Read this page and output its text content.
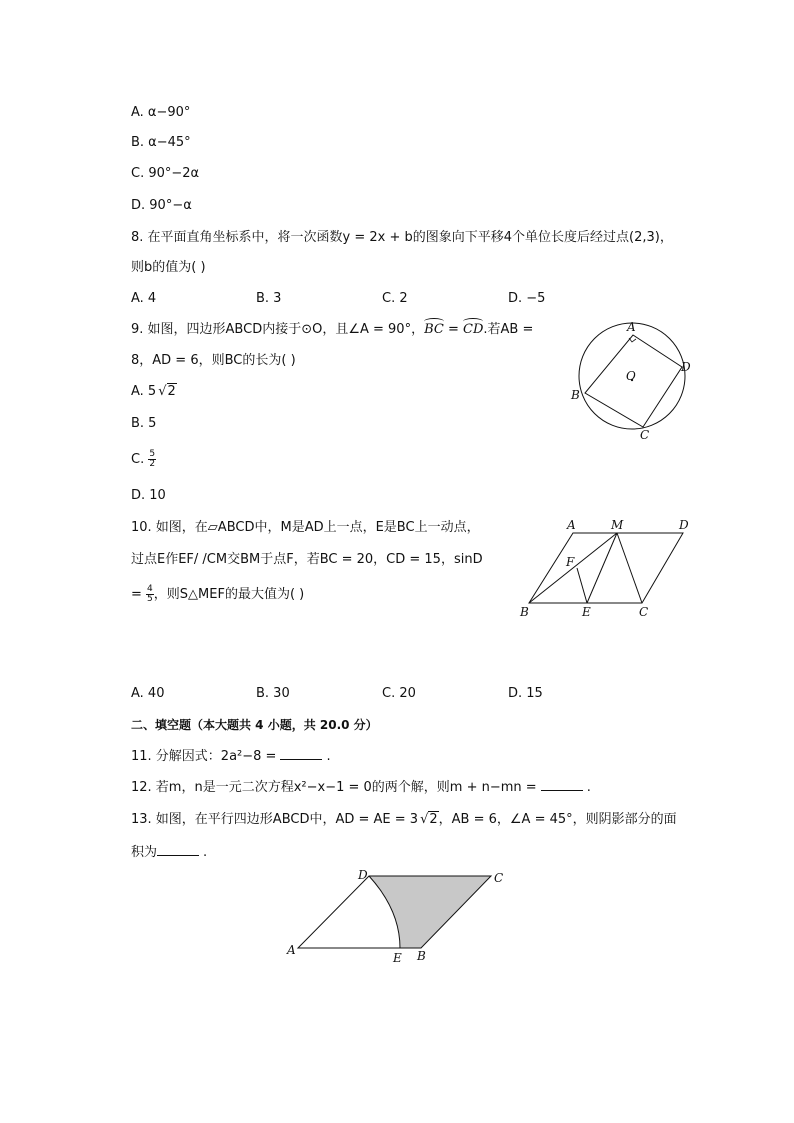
A. α−90°
B. α−45°
C. 90°−2α
D. 90°−α
8. 在平面直角坐标系中，将一次函数y = 2x + b的图象向下平移4个单位长度后经过点(2,3)，
则b的值为( )
A. 4	B. 3	C. 2	D. −5
9. 如图，四边形ABCD内接于⊙O，且∠A = 90°，BC = CD.若AB =
8，AD = 6，则BC的长为( )
A. 5 √2
B. 5
C. $\frac{5}{2}$
D. 10
A
D
O
B
C
10. 如图，在▱ABCD中，M是AD上一点，E是BC上一动点，
过点E作EF/ /CM交BM于点F，若BC = 20，CD = 15，sinD
= $\frac{4}{5}$ ，则S△MEF的最大值为( )
A	M	D
F
B	E	C
A. 40	B. 30	C. 20	D. 15
二、填空题（本大题共 4 小题，共 20.0 分）
11. 分解因式：2a²−8 =	.
12. 若m，n是一元二次方程x²−x−1 = 0的两个解，则m + n−mn =	.
13. 如图，在平行四边形ABCD中，AD = AE = 3 √2，AB = 6，∠A = 45°，则阴影部分的面
积为	.
D	C
A
E B
